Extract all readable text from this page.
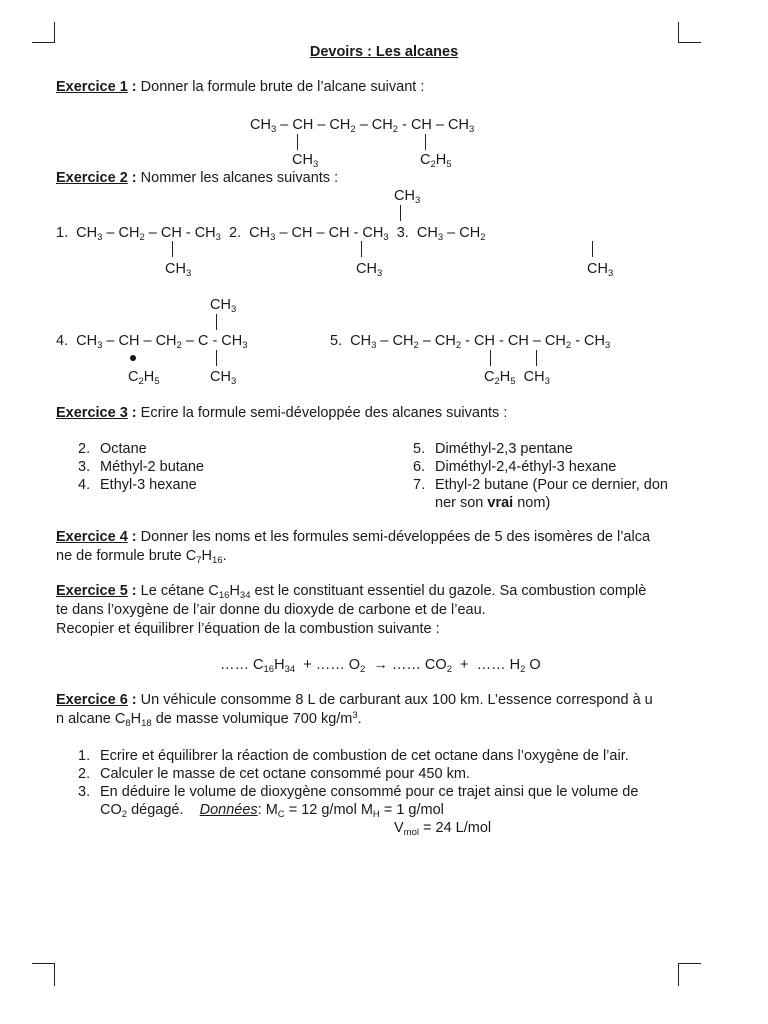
Devoirs : Les alcanes
Exercice 1 : Donner la formule brute de l’alcane suivant :
$CH_3$ – CH – $CH_2 - CH_2$ - CH – $CH_3$
$CH_3$	$C_2H_5$
Exercice 2 : Nommer les alcanes suivants :
$CH_3$
1.  $CH_3 - CH_2$ – CH - $CH_3$  2.  $CH_3$ – CH – CH - $CH_3$  3.  $CH_3 - CH_2$
$CH_3$	$CH_3$	$CH_3$
$CH_3$
4.  $CH_3$ – CH – $CH_2$ – C - $CH_3$	5.  $CH_3 - CH_2 - CH_2$ - CH - CH – $CH_2 - CH_3$
$C_2H_5$	$CH_3$	$C_2H_5$  $CH_3$
Exercice 3 : Ecrire la formule semi-développée des alcanes suivants :
2. Octane
3. Méthyl-2 butane
4. Ethyl-3 hexane
5. Diméthyl-2,3 pentane
6. Diméthyl-2,4-éthyl-3 hexane
7. Ethyl-2 butane (Pour ce dernier, don
ner son vrai nom)
Exercice 4 : Donner les noms et les formules semi-développées de 5 des isomères de l’alca
ne de formule brute $C_7H_{16}$.
Exercice 5 : Le cétane $C_{16}H_{34}$ est le constituant essentiel du gazole. Sa combustion complè
te dans l’oxygène de l’air donne du dioxyde de carbone et de l’eau.
Recopier et équilibrer l’équation de la combustion suivante :
…… $C_{16}H_{34}$  + …… $O_2$  → …… $CO_2$  +  …… $H_2$ O
Exercice 6 : Un véhicule consomme 8 L de carburant aux 100 km. L’essence correspond à u
n alcane $C_8H_{18}$ de masse volumique 700 $kg/m^3$.
1. Ecrire et équilibrer la réaction de combustion de cet octane dans l’oxygène de l’air.
2. Calculer le masse de cet octane consommé pour 450 km.
3. En déduire le volume de dioxygène consommé pour ce trajet ainsi que le volume de
$CO_2$ dégagé.    Données: $M_C = 12$ g/mol $M_H = 1$ g/mol
$V_{mol} = 24$ L/mol
